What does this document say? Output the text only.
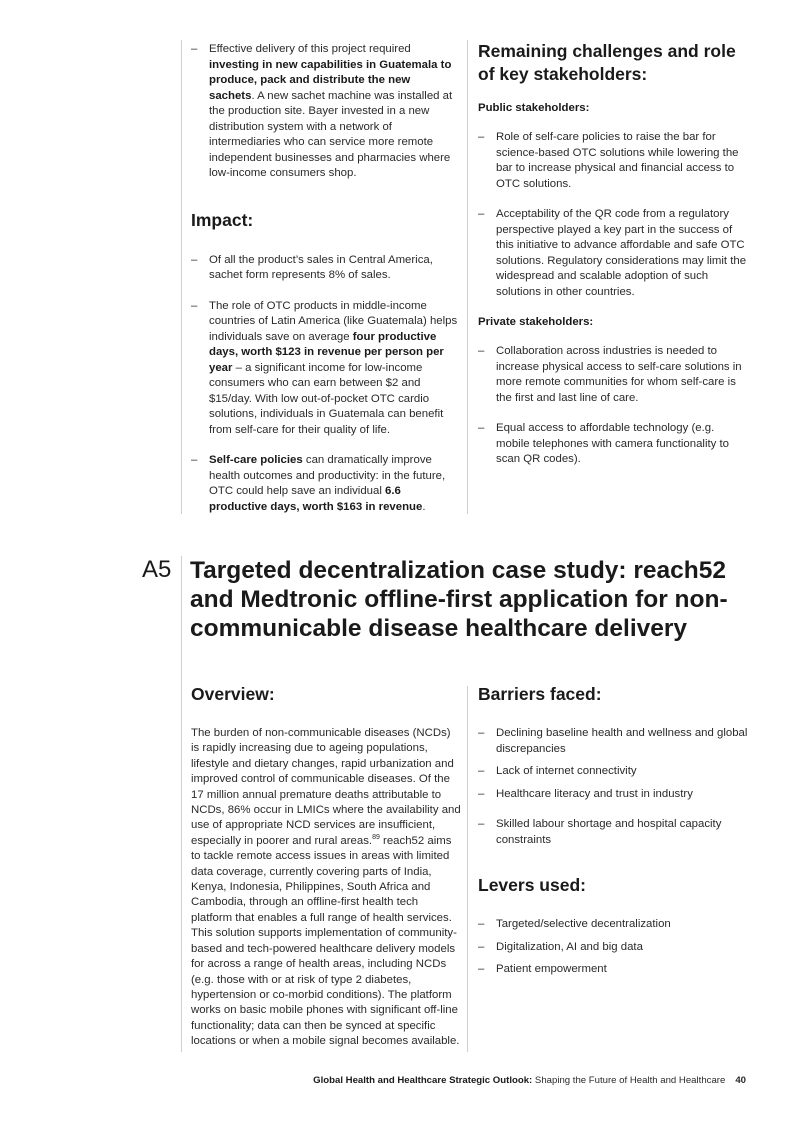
– Effective delivery of this project required investing in new capabilities in Guatemala to produce, pack and distribute the new sachets. A new sachet machine was installed at the production site. Bayer invested in a new distribution system with a network of intermediaries who can service more remote independent businesses and pharmacies where low-income consumers shop.
Impact:
– Of all the product’s sales in Central America, sachet form represents 8% of sales.
– The role of OTC products in middle-income countries of Latin America (like Guatemala) helps individuals save on average four productive days, worth $123 in revenue per person per year – a significant income for low-income consumers who can earn between $2 and $15/day. With low out-of-pocket OTC cardio solutions, individuals in Guatemala can benefit from self-care for their quality of life.
– Self-care policies can dramatically improve health outcomes and productivity: in the future, OTC could help save an individual 6.6 productive days, worth $163 in revenue.
Remaining challenges and role of key stakeholders:
Public stakeholders:
– Role of self-care policies to raise the bar for science-based OTC solutions while lowering the bar to increase physical and financial access to OTC solutions.
– Acceptability of the QR code from a regulatory perspective played a key part in the success of this initiative to advance affordable and safe OTC solutions. Regulatory considerations may limit the widespread and scalable adoption of such solutions in other countries.
Private stakeholders:
– Collaboration across industries is needed to increase physical access to self-care solutions in more remote communities for whom self-care is the first and last line of care.
– Equal access to affordable technology (e.g. mobile telephones with camera functionality to scan QR codes).
A5 Targeted decentralization case study: reach52 and Medtronic offline-first application for non-communicable disease healthcare delivery
Overview:

The burden of non-communicable diseases (NCDs) is rapidly increasing due to ageing populations, lifestyle and dietary changes, rapid urbanization and improved control of communicable diseases. Of the 17 million annual premature deaths attributable to NCDs, 86% occur in LMICs where the availability and use of appropriate NCD services are insufficient, especially in poorer and rural areas.$^{89}$ reach52 aims to tackle remote access issues in areas with limited data coverage, currently covering parts of India, Kenya, Indonesia, Philippines, South Africa and Cambodia, through an offline-first health tech platform that enables a full range of health services. This solution supports implementation of community-based and tech-powered healthcare delivery models for across a range of health areas, including NCDs (e.g. those with or at risk of type 2 diabetes, hypertension or co-morbid conditions). The platform works on basic mobile phones with significant off-line functionality; data can then be synced at specific locations or when a mobile signal becomes available.

Barriers faced:
– Declining baseline health and wellness and global discrepancies
– Lack of internet connectivity
– Healthcare literacy and trust in industry
– Skilled labour shortage and hospital capacity constraints
Levers used:
– Targeted/selective decentralization
– Digitalization, AI and big data
– Patient empowerment
Global Health and Healthcare Strategic Outlook: Shaping the Future of Health and Healthcare 40
